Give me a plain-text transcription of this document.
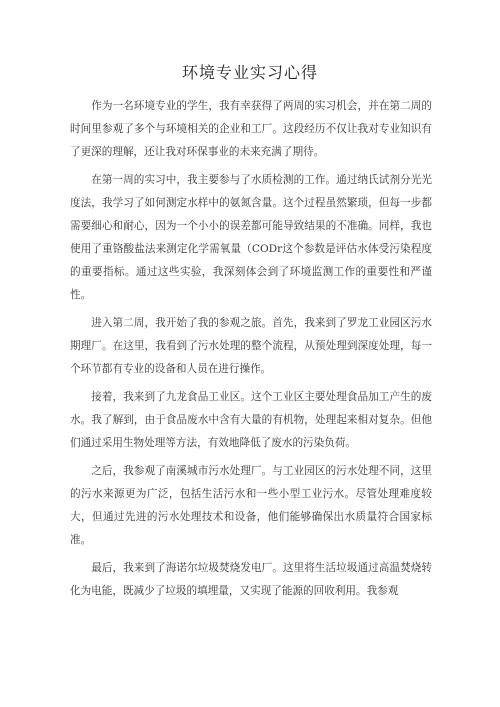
环境专业实习心得

作为一名环境专业的学生，我有幸获得了两周的实习机会，并在第二周的时间里参观了多个与环境相关的企业和工厂。这段经历不仅让我对专业知识有了更深的理解，还让我对环保事业的未来充满了期待。

在第一周的实习中，我主要参与了水质检测的工作。通过纳氏试剂分光光度法，我学习了如何测定水样中的氨氮含量。这个过程虽然繁琐，但每一步都需要细心和耐心，因为一个小小的误差都可能导致结果的不准确。同样，我也使用了重铬酸盐法来测定化学需氧量（CODr这个参数是评估水体受污染程度的重要指标。通过这些实验，我深刻体会到了环境监测工作的重要性和严谨性。

进入第二周，我开始了我的参观之旅。首先，我来到了罗龙工业园区污水期理厂。在这里，我看到了污水处理的整个流程，从预处理到深度处理，每一个环节都有专业的设备和人员在进行操作。

接着，我来到了九龙食品工业区。这个工业区主要处理食品加工产生的废水。我了解到，由于食品废水中含有大量的有机物，处理起来相对复杂。但他们通过采用生物处理等方法，有效地降低了废水的污染负荷。

之后，我参观了南溪城市污水处理厂。与工业园区的污水处理不同，这里的污水来源更为广泛，包括生活污水和一些小型工业污水。尽管处理难度较大，但通过先进的污水处理技术和设备，他们能够确保出水质量符合国家标准。

最后，我来到了海诺尔垃圾焚烧发电厂。这里将生活垃圾通过高温焚烧转化为电能，既减少了垃圾的填埋量，又实现了能源的回收利用。我参观
